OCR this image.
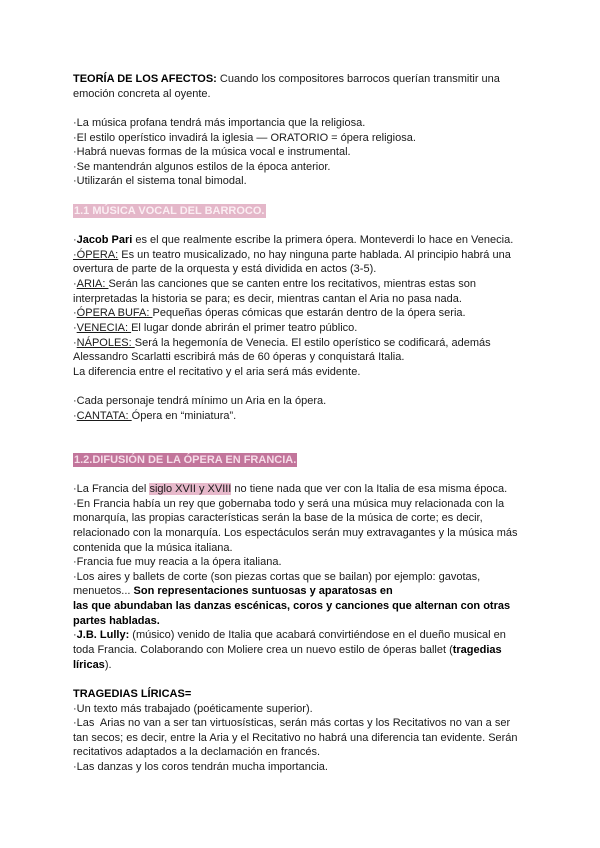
TEORÍA DE LOS AFECTOS: Cuando los compositores barrocos querían transmitir una
emoción concreta al oyente.
·La música profana tendrá más importancia que la religiosa.
·El estilo operístico invadirá la iglesia — ORATORIO = ópera religiosa.
·Habrá nuevas formas de la música vocal e instrumental.
·Se mantendrán algunos estilos de la época anterior.
·Utilizarán el sistema tonal bimodal.
1.1 MÚSICA VOCAL DEL BARROCO.
·Jacob Pari es el que realmente escribe la primera ópera. Monteverdi lo hace en Venecia.
·ÓPERA: Es un teatro musicalizado, no hay ninguna parte hablada. Al principio habrá una
overtura de parte de la orquesta y está dividida en actos (3-5).
·ARIA: Serán las canciones que se canten entre los recitativos, mientras estas son
interpretadas la historia se para; es decir, mientras cantan el Aria no pasa nada.
·ÓPERA BUFA: Pequeñas óperas cómicas que estarán dentro de la ópera seria.
·VENECIA: El lugar donde abrirán el primer teatro público.
·NÁPOLES: Será la hegemonía de Venecia. El estilo operístico se codificará, además
Alessandro Scarlatti escribirá más de 60 óperas y conquistará Italia.
La diferencia entre el recitativo y el aria será más evidente.
·Cada personaje tendrá mínimo un Aria en la ópera.
·CANTATA: Ópera en “miniatura”.
1.2.DIFUSIÓN DE LA ÓPERA EN FRANCIA.
·La Francia del siglo XVII y XVIII no tiene nada que ver con la Italia de esa misma época.
·En Francia había un rey que gobernaba todo y será una música muy relacionada con la
monarquía, las propias características serán la base de la música de corte; es decir,
relacionado con la monarquía. Los espectáculos serán muy extravagantes y la música más
contenida que la música italiana.
·Francia fue muy reacia a la ópera italiana.
·Los aires y ballets de corte (son piezas cortas que se bailan) por ejemplo: gavotas,
menuetos... Son representaciones suntuosas y aparatosas en
las que abundaban las danzas escénicas, coros y canciones que alternan con otras
partes habladas.
·J.B. Lully: (músico) venido de Italia que acabará convirtiéndose en el dueño musical en
toda Francia. Colaborando con Moliere crea un nuevo estilo de óperas ballet (tragedias
líricas).
TRAGEDIAS LÍRICAS=
·Un texto más trabajado (poéticamente superior).
·Las  Arias no van a ser tan virtuosísticas, serán más cortas y los Recitativos no van a ser
tan secos; es decir, entre la Aria y el Recitativo no habrá una diferencia tan evidente. Serán
recitativos adaptados a la declamación en francés.
·Las danzas y los coros tendrán mucha importancia.
